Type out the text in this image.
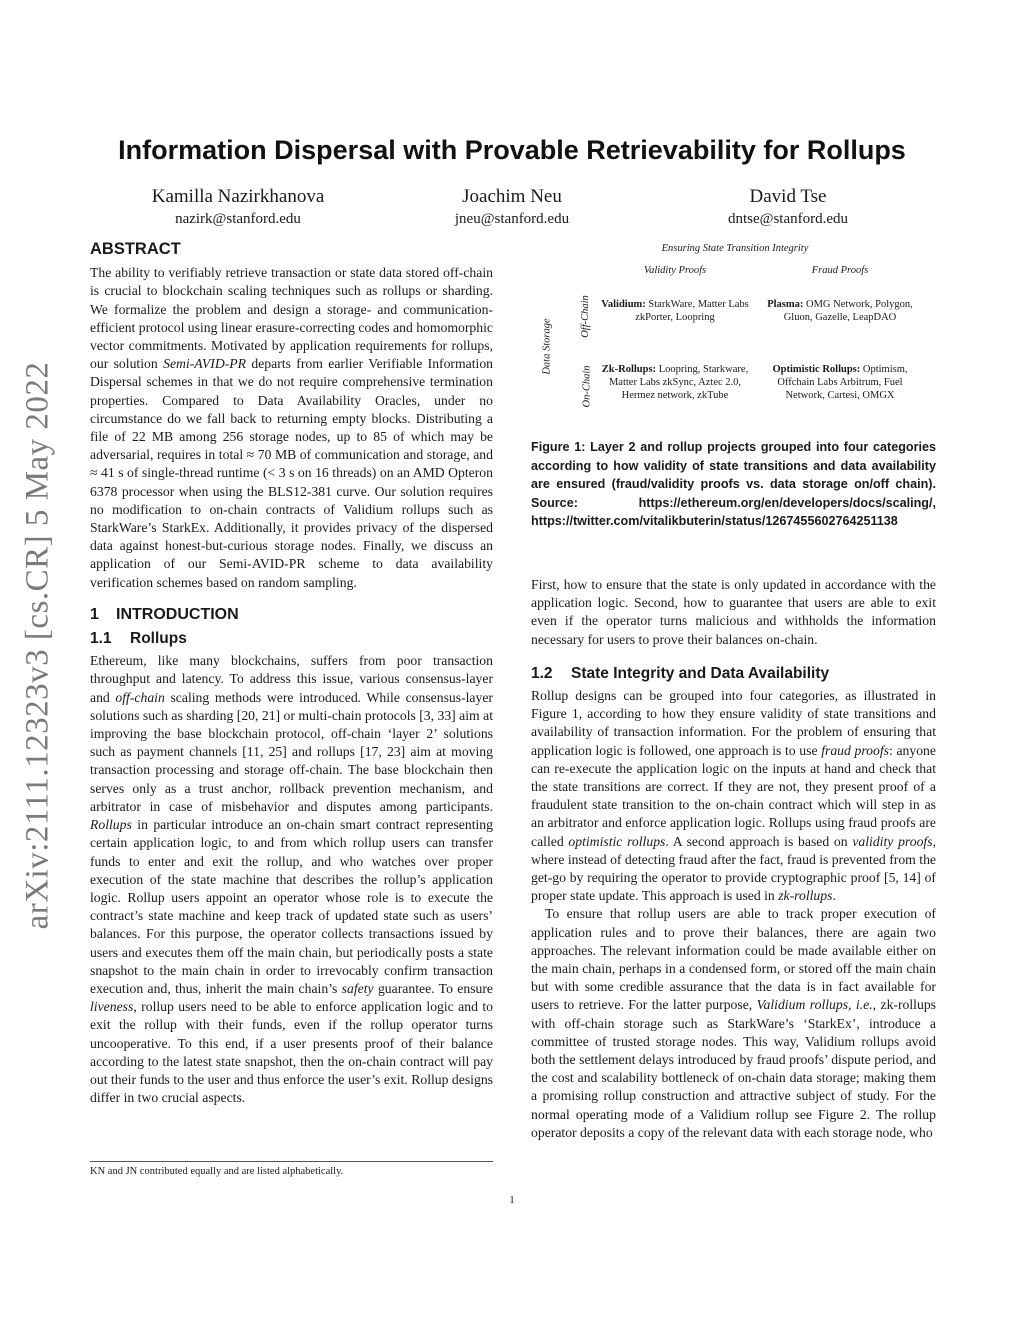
arXiv:2111.12323v3 [cs.CR] 5 May 2022
Information Dispersal with Provable Retrievability for Rollups
Kamilla Nazirkhanova
nazirk@stanford.edu
Joachim Neu
jneu@stanford.edu
David Tse
dntse@stanford.edu
ABSTRACT

The ability to verifiably retrieve transaction or state data stored off-chain is crucial to blockchain scaling techniques such as rollups or sharding. We formalize the problem and design a storage- and communication-efficient protocol using linear erasure-correcting codes and homomorphic vector commitments. Motivated by application requirements for rollups, our solution Semi-AVID-PR departs from earlier Verifiable Information Dispersal schemes in that we do not require comprehensive termination properties. Compared to Data Availability Oracles, under no circumstance do we fall back to returning empty blocks. Distributing a file of 22 MB among 256 storage nodes, up to 85 of which may be adversarial, requires in total ≈ 70 MB of communication and storage, and ≈ 41 s of single-thread runtime (< 3 s on 16 threads) on an AMD Opteron 6378 processor when using the BLS12-381 curve. Our solution requires no modification to on-chain contracts of Validium rollups such as StarkWare’s StarkEx. Additionally, it provides privacy of the dispersed data against honest-but-curious storage nodes. Finally, we discuss an application of our Semi-AVID-PR scheme to data availability verification schemes based on random sampling.

1 INTRODUCTION
1.1 Rollups

Ethereum, like many blockchains, suffers from poor transaction throughput and latency. To address this issue, various consensus-layer and off-chain scaling methods were introduced. While consensus-layer solutions such as sharding [20, 21] or multi-chain protocols [3, 33] aim at improving the base blockchain protocol, off-chain ‘layer 2’ solutions such as payment channels [11, 25] and rollups [17, 23] aim at moving transaction processing and storage off-chain. The base blockchain then serves only as a trust anchor, rollback prevention mechanism, and arbitrator in case of misbehavior and disputes among participants. Rollups in particular introduce an on-chain smart contract representing certain application logic, to and from which rollup users can transfer funds to enter and exit the rollup, and who watches over proper execution of the state machine that describes the rollup’s application logic. Rollup users appoint an operator whose role is to execute the contract’s state machine and keep track of updated state such as users’ balances. For this purpose, the operator collects transactions issued by users and executes them off the main chain, but periodically posts a state snapshot to the main chain in order to irrevocably confirm transaction execution and, thus, inherit the main chain’s safety guarantee. To ensure liveness, rollup users need to be able to enforce application logic and to exit the rollup with their funds, even if the rollup operator turns uncooperative. To this end, if a user presents proof of their balance according to the latest state snapshot, then the on-chain contract will pay out their funds to the user and thus enforce the user’s exit. Rollup designs differ in two crucial aspects.

KN and JN contributed equally and are listed alphabetically.
Ensuring State Transition Integrity
Validity Proofs	Fraud Proofs
Data Storage
Off-Chain
On-Chain
Validium: StarkWare, Matter Labs zkPorter, Loopring
Plasma: OMG Network, Polygon, Gluon, Gazelle, LeapDAO
Zk-Rollups: Loopring, Starkware, Matter Labs zkSync, Aztec 2.0, Hermez network, zkTube
Optimistic Rollups: Optimism, Offchain Labs Arbitrum, Fuel Network, Cartesi, OMGX
Figure 1: Layer 2 and rollup projects grouped into four categories according to how validity of state transitions and data availability are ensured (fraud/validity proofs vs. data storage on/off chain). Source: https://ethereum.org/en/developers/docs/scaling/, https://twitter.com/vitalikbuterin/status/1267455602764251138

First, how to ensure that the state is only updated in accordance with the application logic. Second, how to guarantee that users are able to exit even if the operator turns malicious and withholds the information necessary for users to prove their balances on-chain.

1.2 State Integrity and Data Availability

Rollup designs can be grouped into four categories, as illustrated in Figure 1, according to how they ensure validity of state transitions and availability of transaction information. For the problem of ensuring that application logic is followed, one approach is to use fraud proofs: anyone can re-execute the application logic on the inputs at hand and check that the state transitions are correct. If they are not, they present proof of a fraudulent state transition to the on-chain contract which will step in as an arbitrator and enforce application logic. Rollups using fraud proofs are called optimistic rollups. A second approach is based on validity proofs, where instead of detecting fraud after the fact, fraud is prevented from the get-go by requiring the operator to provide cryptographic proof [5, 14] of proper state update. This approach is used in zk-rollups.

To ensure that rollup users are able to track proper execution of application rules and to prove their balances, there are again two approaches. The relevant information could be made available either on the main chain, perhaps in a condensed form, or stored off the main chain but with some credible assurance that the data is in fact available for users to retrieve. For the latter purpose, Validium rollups, i.e., zk-rollups with off-chain storage such as StarkWare’s ‘StarkEx’, introduce a committee of trusted storage nodes. This way, Validium rollups avoid both the settlement delays introduced by fraud proofs’ dispute period, and the cost and scalability bottleneck of on-chain data storage; making them a promising rollup construction and attractive subject of study. For the normal operating mode of a Validium rollup see Figure 2. The rollup operator deposits a copy of the relevant data with each storage node, who

1
